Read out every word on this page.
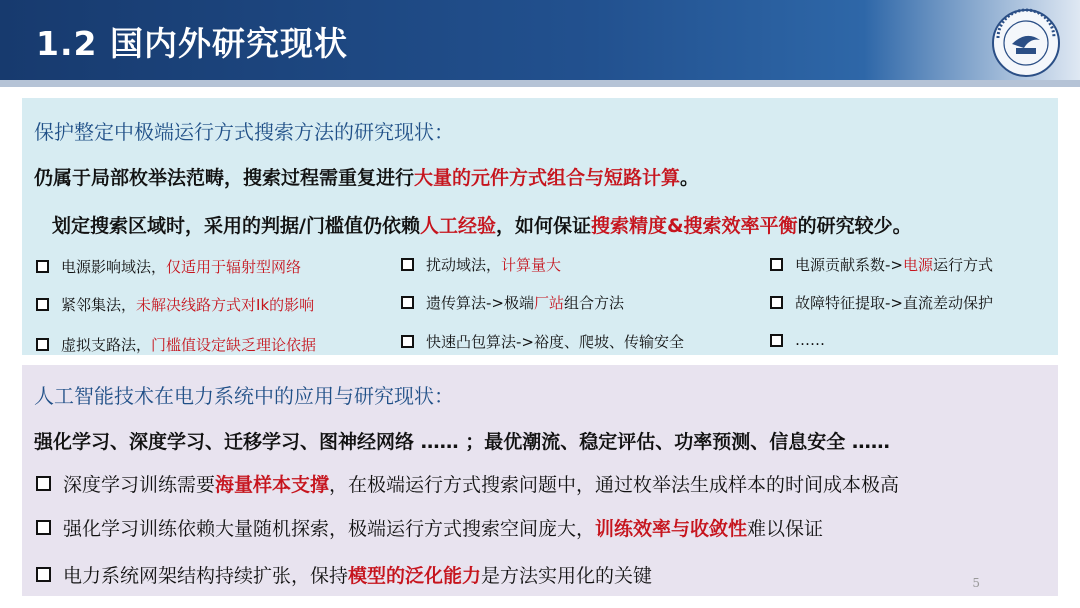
1.2 国内外研究现状
保护整定中极端运行方式搜索方法的研究现状：
仍属于局部枚举法范畴，搜索过程需重复进行大量的元件方式组合与短路计算。
划定搜索区域时，采用的判据/门槛值仍依赖人工经验，如何保证搜索精度&搜索效率平衡的研究较少。
电源影响域法， 仅适用于辐射型网络
紧邻集法， 未解决线路方式对Ik的影响
虚拟支路法， 门槛值设定缺乏理论依据
扰动域法， 计算量大
遗传算法->极端 厂站 组合方法
快速凸包算法->裕度、爬坡、传输安全
电源贡献系数-> 电源 运行方式
故障特征提取->直流差动保护
……
人工智能技术在电力系统中的应用与研究现状：
强化学习、深度学习、迁移学习、图神经网络 …… ；最优潮流、稳定评估、功率预测、信息安全 ……
深度学习训练需要 海量样本支撑 ，在极端运行方式搜索问题中，通过枚举法生成样本的时间成本极高
强化学习训练依赖大量随机探索，极端运行方式搜索空间庞大， 训练效率与收敛性 难以保证
电力系统网架结构持续扩张，保持 模型的泛化能力 是方法实用化的关键	5
